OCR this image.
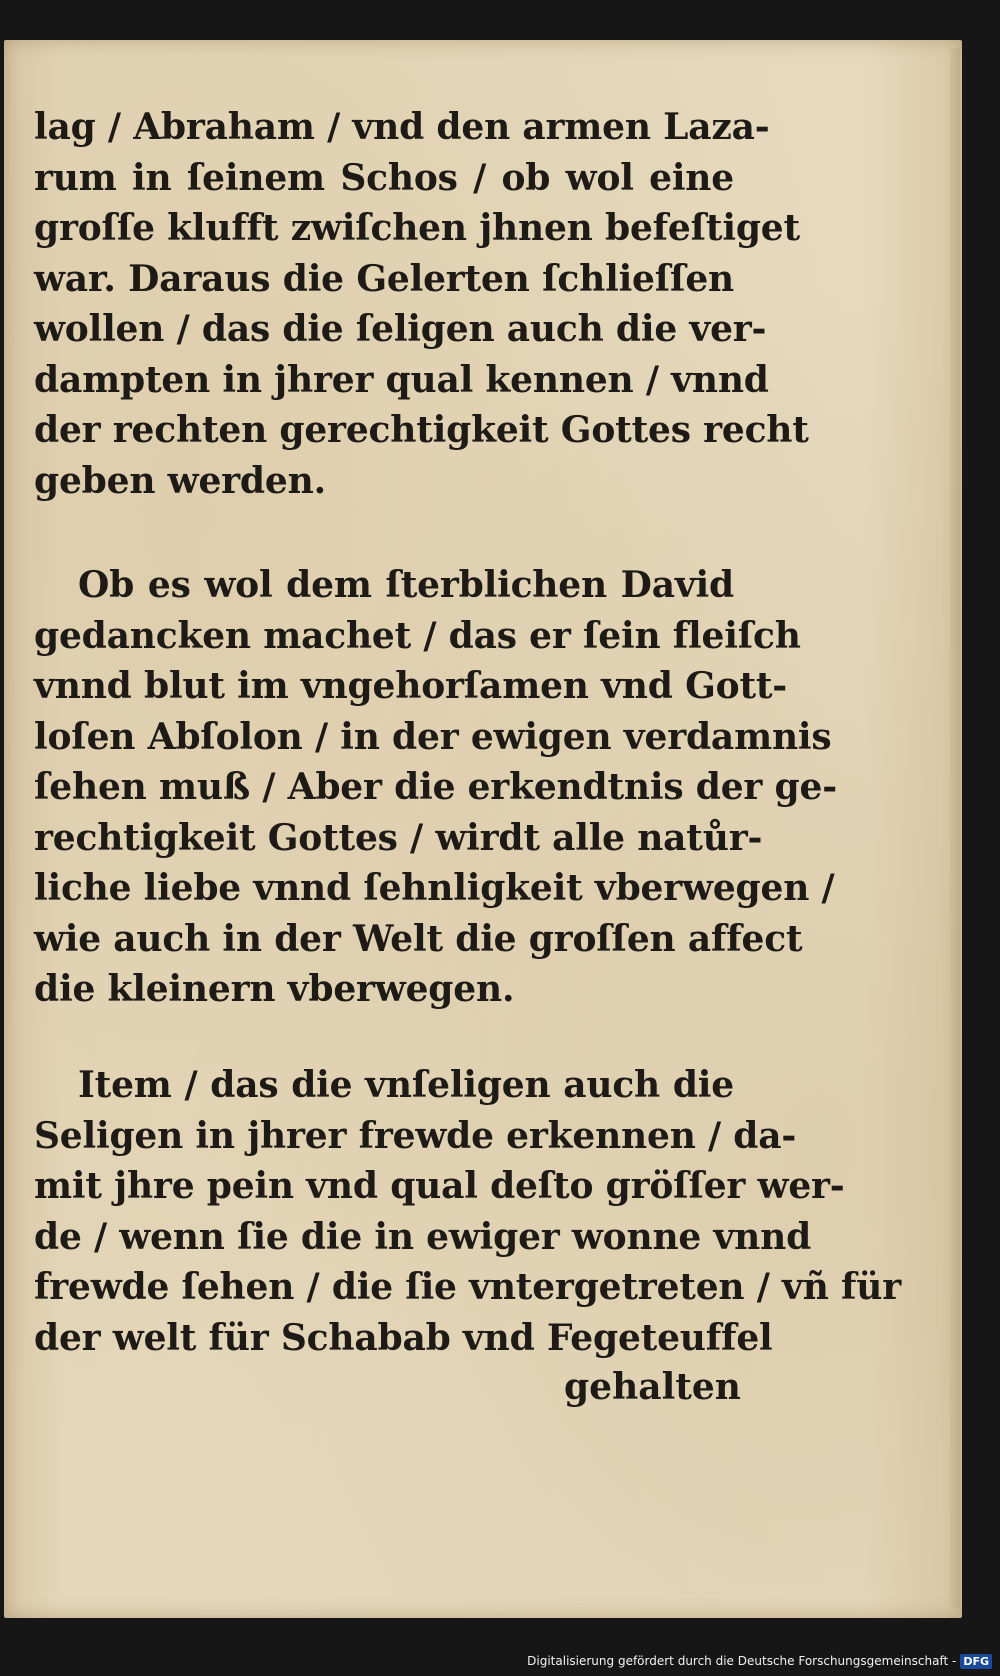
lag / Abraham / vnd den armen Laza-
rum in ſeinem Schos / ob wol eine
groſſe klufft zwiſchen jhnen befeſtiget
war. Daraus die Gelerten ſchlieſſen
wollen / das die ſeligen auch die ver-
dampten in jhrer qual kennen / vnnd
der rechten gerechtigkeit Gottes recht
geben werden.

Ob es wol dem ſterblichen David
gedancken machet / das er ſein fleiſch
vnnd blut im vngehorſamen vnd Gott-
loſen Abſolon / in der ewigen verdamnis
ſehen muß / Aber die erkendtnis der ge-
rechtigkeit Gottes / wirdt alle natůr-
liche liebe vnnd ſehnligkeit vberwegen /
wie auch in der Welt die groſſen affect
die kleinern vberwegen.

Item / das die vnſeligen auch die
Seligen in jhrer frewde erkennen / da-
mit jhre pein vnd qual deſto gröſſer wer-
de / wenn ſie die in ewiger wonne vnnd
frewde ſehen / die ſie vntergetreten / vñ für
der welt für Schabab vnd Fegeteuffel

gehalten
Digitalisierung gefördert durch die Deutsche Forschungsgemeinschaft - DFG
